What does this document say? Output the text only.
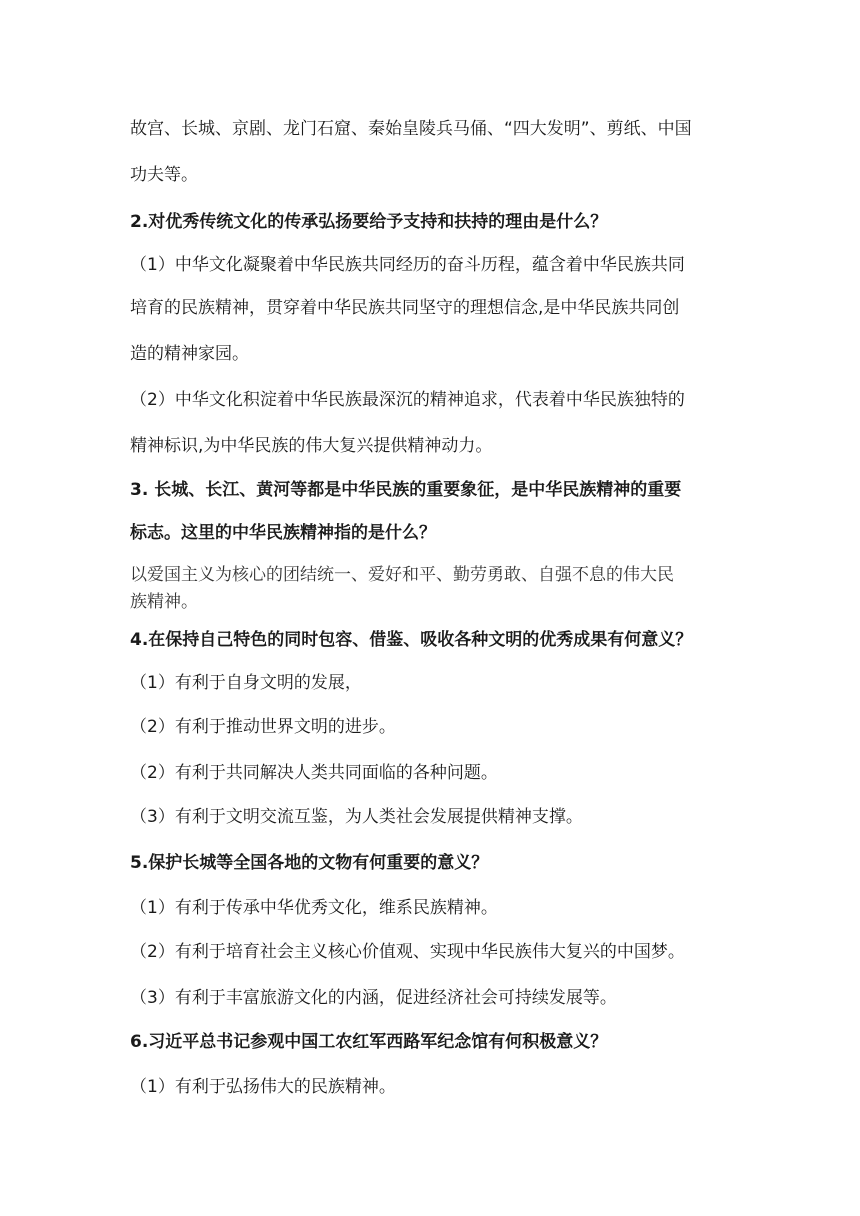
故宫、长城、京剧、龙门石窟、秦始皇陵兵马俑、“四大发明”、剪纸、中国

功夫等。

2.对优秀传统文化的传承弘扬要给予支持和扶持的理由是什么？

（1）中华文化凝聚着中华民族共同经历的奋斗历程，蕴含着中华民族共同

培育的民族精神，贯穿着中华民族共同坚守的理想信念,是中华民族共同创

造的精神家园。

（2）中华文化积淀着中华民族最深沉的精神追求，代表着中华民族独特的

精神标识,为中华民族的伟大复兴提供精神动力。

3. 长城、长江、黄河等都是中华民族的重要象征，是中华民族精神的重要

标志。这里的中华民族精神指的是什么？

以爱国主义为核心的团结统一、爱好和平、勤劳勇敢、自强不息的伟大民

族精神。

4.在保持自己特色的同时包容、借鉴、吸收各种文明的优秀成果有何意义？

（1）有利于自身文明的发展，

（2）有利于推动世界文明的进步。

（2）有利于共同解决人类共同面临的各种问题。

（3）有利于文明交流互鉴，为人类社会发展提供精神支撑。

5.保护长城等全国各地的文物有何重要的意义？

（1）有利于传承中华优秀文化，维系民族精神。

（2）有利于培育社会主义核心价值观、实现中华民族伟大复兴的中国梦。

（3）有利于丰富旅游文化的内涵，促进经济社会可持续发展等。

6.习近平总书记参观中国工农红军西路军纪念馆有何积极意义？

（1）有利于弘扬伟大的民族精神。
